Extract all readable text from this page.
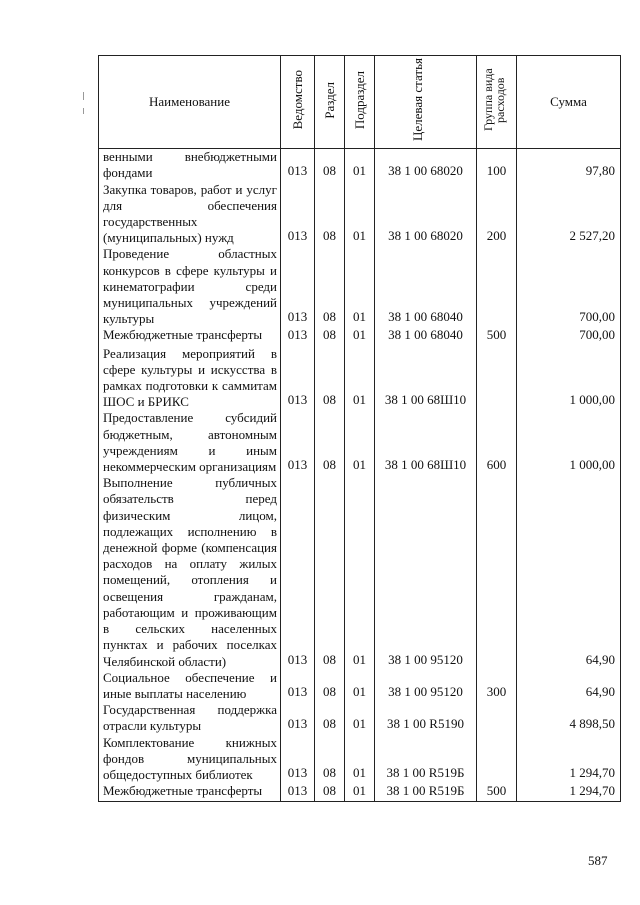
Наименование	Ведомство	Раздел	Подраздел	Целевая статья	Группа вида расходов	Сумма
венными внебюджетными фондами	013	08	01	38 1 00 68020	100	97,80
Закупка товаров, работ и услуг для обеспечения государственных (муниципальных) нужд	013	08	01	38 1 00 68020	200	2 527,20
Проведение областных конкурсов в сфере культуры и кинематографии среди муниципальных учреждений культуры	013	08	01	38 1 00 68040		700,00
Межбюджетные трансферты	013	08	01	38 1 00 68040	500	700,00
Реализация мероприятий в сфере культуры и искусства в рамках подготовки к саммитам ШОС и БРИКС	013	08	01	38 1 00 68Ш10		1 000,00
Предоставление субсидий бюджетным, автономным учреждениям и иным некоммерческим организациям	013	08	01	38 1 00 68Ш10	600	1 000,00
Выполнение публичных обязательств перед физическим лицом, подлежащих исполнению в денежной форме (компенсация расходов на оплату жилых помещений, отопления и освещения гражданам, работающим и проживающим в сельских населенных пунктах и рабочих поселках Челябинской области)	013	08	01	38 1 00 95120		64,90
Социальное обеспечение и иные выплаты населению	013	08	01	38 1 00 95120	300	64,90
Государственная поддержка отрасли культуры	013	08	01	38 1 00 R5190		4 898,50
Комплектование книжных фондов муниципальных общедоступных библиотек	013	08	01	38 1 00 R519Б		1 294,70
Межбюджетные трансферты	013	08	01	38 1 00 R519Б	500	1 294,70
587
